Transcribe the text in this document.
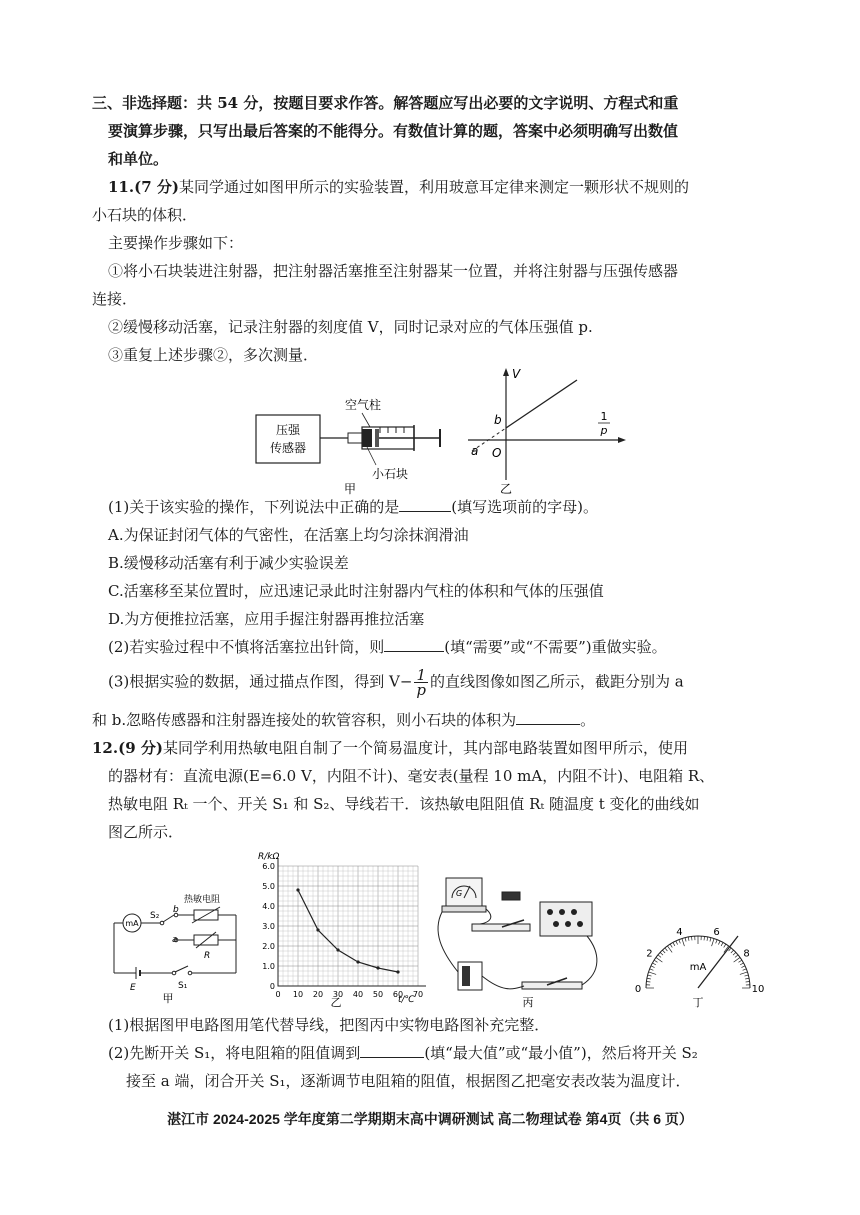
三、非选择题：共 54 分，按题目要求作答。解答题应写出必要的文字说明、方程式和重
要演算步骤，只写出最后答案的不能得分。有数值计算的题，答案中必须明确写出数值
和单位。
11.(7 分)某同学通过如图甲所示的实验装置，利用玻意耳定律来测定一颗形状不规则的
小石块的体积．
主要操作步骤如下：
①将小石块装进注射器，把注射器活塞推至注射器某一位置，并将注射器与压强传感器
连接．
②缓慢移动活塞，记录注射器的刻度值 V，同时记录对应的气体压强值 p.
③重复上述步骤②，多次测量．
压强
传感器
空气柱
小石块
甲
V
b
a O
1
p
乙
(1)关于该实验的操作，下列说法中正确的是	(填写选项前的字母)。
A.为保证封闭气体的气密性，在活塞上均匀涂抹润滑油
B.缓慢移动活塞有利于减少实验误差
C.活塞移至某位置时，应迅速记录此时注射器内气柱的体积和气体的压强值
D.为方便推拉活塞，应用手握注射器再推拉活塞
(2)若实验过程中不慎将活塞拉出针筒，则	(填“需要”或“不需要”)重做实验。
(3)根据实验的数据，通过描点作图，得到 $V- \frac{1}{p}$ 的直线图像如图乙所示，截距分别为 a
和 b.忽略传感器和注射器连接处的软管容积，则小石块的体积为	。
12.(9 分)某同学利用热敏电阻自制了一个简易温度计，其内部电路装置如图甲所示，使用
的器材有：直流电源(E=6.0 V，内阻不计)、毫安表(量程 10 mA，内阻不计)、电阻箱 R、
热敏电阻 Rₜ 一个、开关 S₁ 和 S₂、导线若干．该热敏电阻阻值 Rₜ 随温度 t 变化的曲线如
图乙所示．
mA
S₂
b
热敏电阻
a
R
E	S₁
甲	0 10 20 30 40 50 60 70
0
1.0
2.0
3.0
4.0
5.0
6.0
R/kΩ
t/℃
乙
G
丙
0
2
4	6
8
10
mA
丁
(1)根据图甲电路图用笔代替导线，把图丙中实物电路图补充完整．
(2)先断开关 S₁，将电阻箱的阻值调到	(填“最大值”或“最小值”)，然后将开关 S₂
接至 a 端，闭合开关 S₁，逐渐调节电阻箱的阻值，根据图乙把毫安表改装为温度计．
湛江市 2024-2025 学年度第二学期期末高中调研测试 高二物理试卷 第4页（共 6 页）
